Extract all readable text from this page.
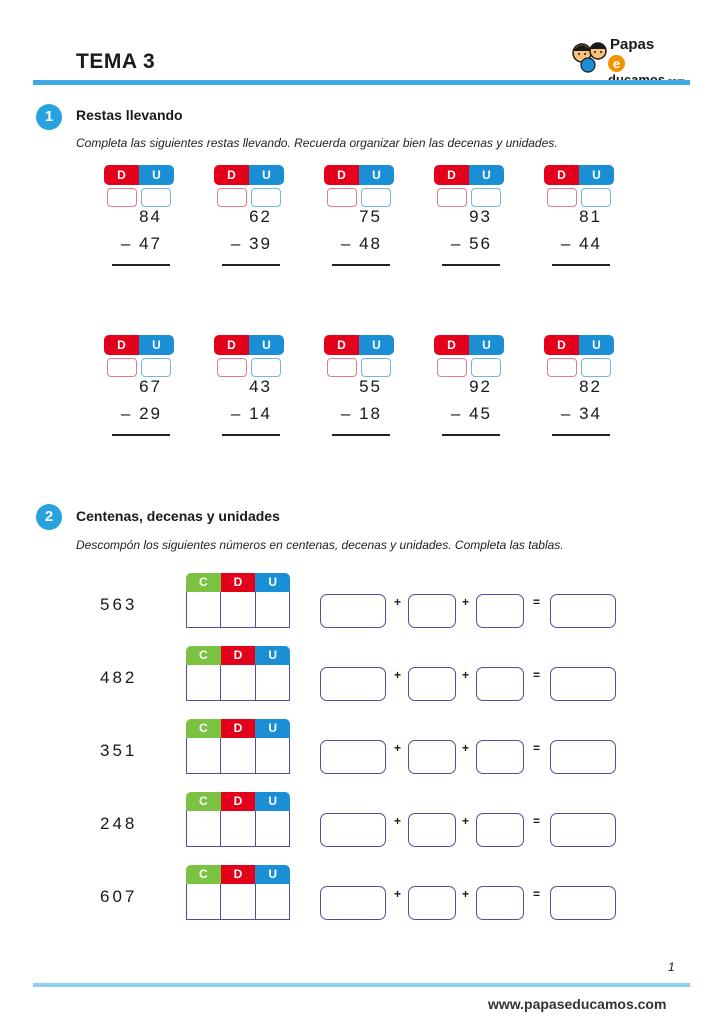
TEMA 3
Papas
e
1	Restas llevando
Completa las siguientes restas llevando. Recuerda organizar bien las decenas y unidades.
D	U
84
– 47
D	U
62
– 39
D	U
75
– 48
D	U
93
– 56
D	U
81
– 44
D	U
67
– 29
D	U
43
– 14
D	U
55
– 18
D	U
92
– 45
D	U
82
– 34
2	Centenas, decenas y unidades
Descompón los siguientes números en centenas, decenas y unidades. Completa las tablas.
563
C	D	U
+	+	=
482
C	D	U
+	+	=
351
C	D	U
+	+	=
248
C	D	U
+	+	=
607
C	D	U
+	+	=
1
www.papaseducamos.com
